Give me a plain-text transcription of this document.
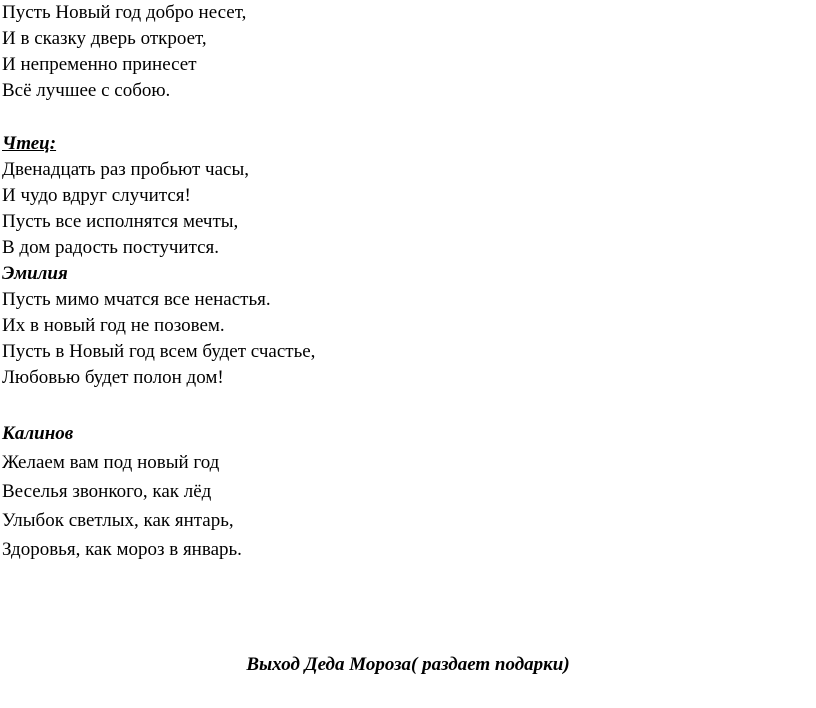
Пусть Новый год добро несет,
И в сказку дверь откроет,
И непременно принесет
Всё лучшее с собою.
Чтец:
Двенадцать раз пробьют часы,
И чудо вдруг случится!
Пусть все исполнятся мечты,
В дом радость постучится.
Эмилия
Пусть мимо мчатся все ненастья.
Их в новый год не позовем.
Пусть в Новый год всем будет счастье,
Любовью будет полон дом!
Калинов
Желаем вам под новый год
Веселья звонкого, как лёд
Улыбок светлых, как янтарь,
Здоровья, как мороз в январь.
Выход Деда Мороза( раздает подарки)
